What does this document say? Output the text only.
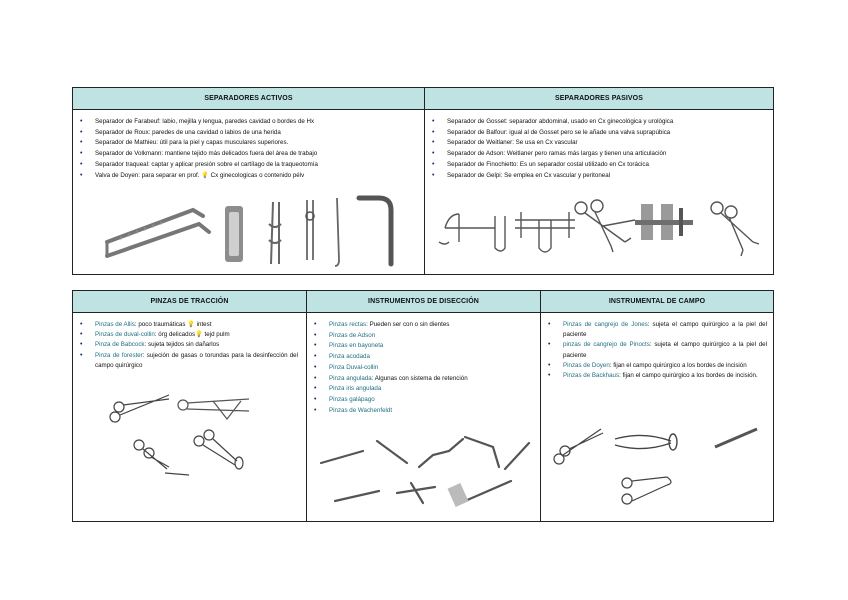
SEPARADORES ACTIVOS
• Separador de Farabeuf: labio, mejilla y lengua, paredes cavidad o bordes de Hx
• Separador de Roux: paredes de una cavidad o labios de una herida
• Separador de Mathieu: útil para la piel y capas musculares superiores.
• Separador de Volkmann: mantiene tejido más delicados fuera del área de trabajo
• Separador traqueal: captar y aplicar presión sobre el cartílago de la traqueotomía
• Valva de Doyen: para separar en prof. 💡 Cx ginecologicas o contenido pélv
SEPARADORES PASIVOS
• Separador de Gosset: separador abdominal, usado en Cx ginecológica y urológica
• Separador de Balfour: igual al de Gosset pero se le añade una valva suprapúbica
• Separador de Weitlaner: Se usa en Cx vascular
• Separador de Adson: Weitlaner pero ramas más largas y tienen una articulación
• Separador de Finochietto: Es un separador costal utilizado en Cx torácica
• Separador de Gelpi: Se emplea en Cx vascular y peritoneal
PINZAS DE TRACCIÓN
• Pinzas de Allis: poco traumáticas 💡 intest
• Pinzas de duval-collin: órg delicados💡 tejd pulm
• Pinza de Babcock: sujeta tejidos sin dañarlos
• Pinza de forester: sujeción de gasas o torundas para la desinfección del campo quirúrgico
INSTRUMENTOS DE DISECCIÓN
• Pinzas rectas: Pueden ser con o sin dientes
• Pinzas de Adson
• Pinzas en bayoneta
• Pinza acodada
• Pinza Duval-collin
• Pinza angulada: Algunas con sistema de retención
• Pinza iris angulada
• Pinzas galápago
• Pinzas de Wachenfeldt
INSTRUMENTAL DE CAMPO
• Pinzas de cangrejo de Jones: sujeta el campo quirúrgico a la piel del paciente
• pinzas de cangrejo de Pinocts: sujeta el campo quirúrgico a la piel del paciente
• Pinzas de Doyen: fijan el campo quirúrgico a los bordes de incisión
• Pinzas de Backhaus: fijan el campo quirúrgico a los bordes de incisión.
